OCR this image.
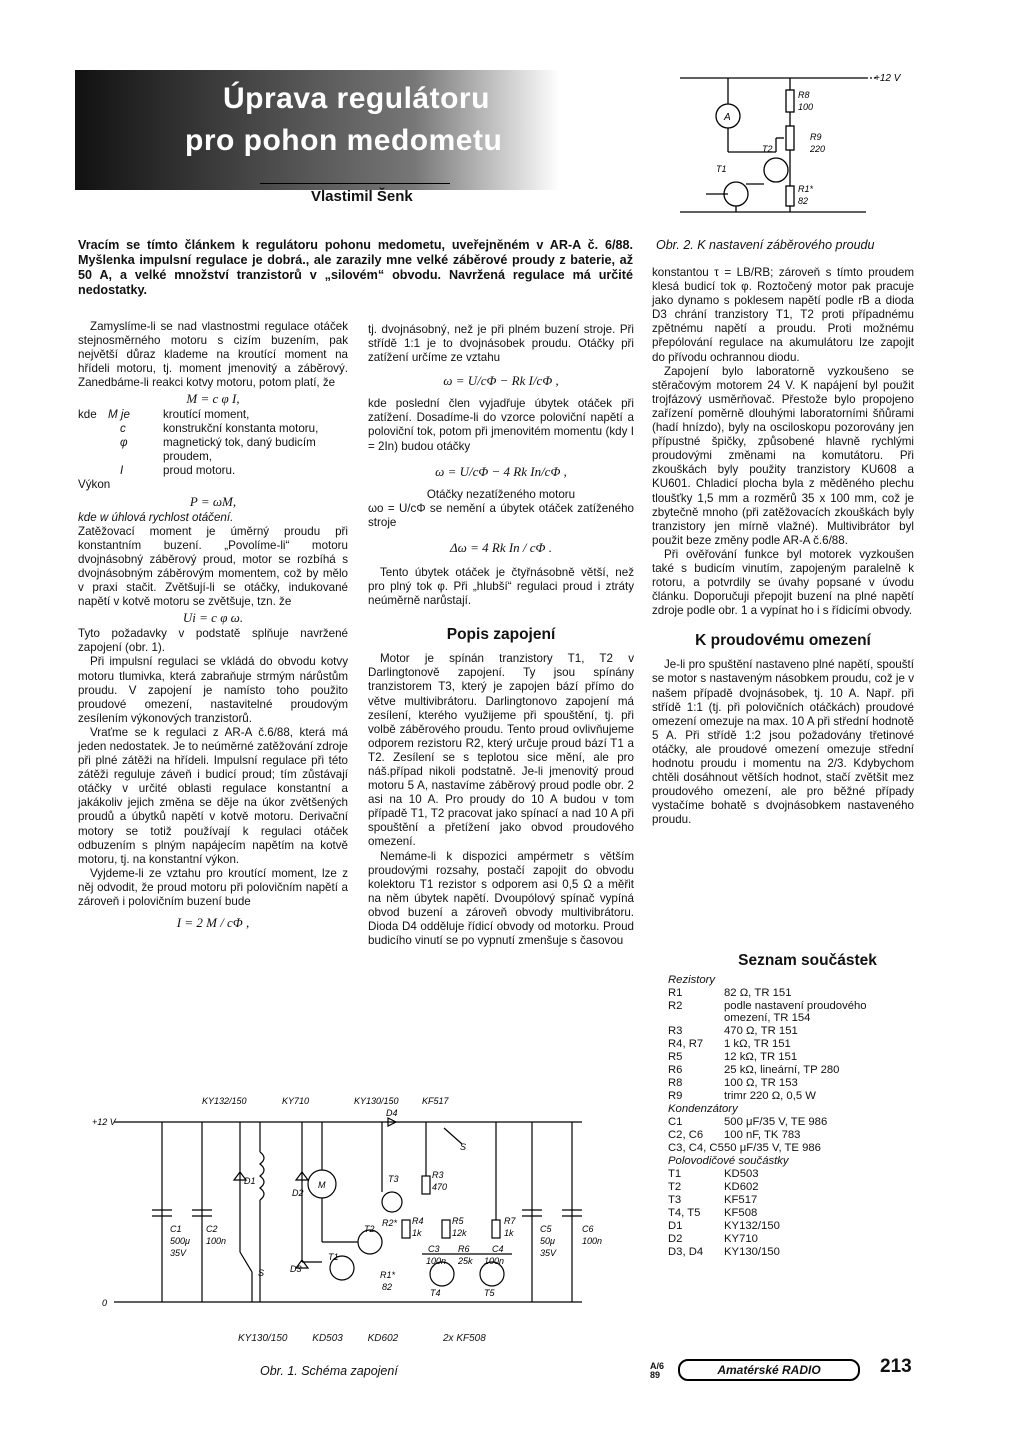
Úprava regulátoru
pro pohon medometu
Vlastimil Šenk
Vracím se tímto článkem k regulátoru pohonu medometu, uveřejněném v AR-A č. 6/88. Myšlenka impulsní regulace je dobrá., ale zarazily mne velké záběrové proudy z baterie, až 50 A, a velké množství tranzistorů v „silovém“ obvodu. Navržená regulace má určité nedostatky.

Zamyslíme-li se nad vlastnostmi regulace otáček stejnosměrného motoru s cizím buzením, pak největší důraz klademe na kroutící moment na hřídeli motoru, tj. moment jmenovitý a záběrový. Zanedbáme-li reakci kotvy motoru, potom platí, že

M = c φ I,
kde	M je	kroutící moment,
	c	konstrukční konstanta motoru,
	φ	magnetický tok, daný budicím proudem,
	I	proud motoru.

Výkon

P = ωM,

kde w úhlová rychlost otáčení.

Zatěžovací moment je úměrný proudu při konstantním buzení. „Povolíme-li“ motoru dvojnásobný záběrový proud, motor se rozbíhá s dvojnásobným záběrovým momentem, což by mělo v praxi stačit. Zvětšují-li se otáčky, indukované napětí v kotvě motoru se zvětšuje, tzn. že

Ui = c φ ω.

Tyto požadavky v podstatě splňuje navržené zapojení (obr. 1).

Při impulsní regulaci se vkládá do obvodu kotvy motoru tlumivka, která zabraňuje strmým nárůstům proudu. V zapojení je namísto toho použito proudové omezení, nastavitelné proudovým zesílením výkonových tranzistorů.

Vraťme se k regulaci z AR-A č.6/88, která má jeden nedostatek. Je to neúměrné zatěžování zdroje při plné zátěži na hřídeli. Impulsní regulace při této zátěži reguluje záveň i budicí proud; tím zůstávají otáčky v určité oblasti regulace konstantní a jakákoliv jejich změna se děje na úkor zvětšených proudů a úbytků napětí v kotvě motoru. Derivační motory se totiž používají k regulaci otáček odbuzením s plným napájecím napětím na kotvě motoru, tj. na konstantní výkon.

Vyjdeme-li ze vztahu pro kroutící moment, lze z něj odvodit, že proud motoru při polovičním napětí a zároveň i polovičním buzení bude

I = 2 M / cΦ ,

tj. dvojnásobný, než je při plném buzení stroje. Při střídě 1:1 je to dvojnásobek proudu. Otáčky při zatížení určíme ze vztahu

ω = U/cΦ − Rk I/cΦ ,

kde poslední člen vyjadřuje úbytek otáček při zatížení. Dosadíme-li do vzorce poloviční napětí a poloviční tok, potom při jmenovitém momentu (kdy I = 2In) budou otáčky

ω = U/cΦ − 4 Rk In/cΦ ,

Otáčky nezatíženého motoru

ωo = U/cΦ se nemění a úbytek otáček zatíženého stroje

Δω = 4 Rk In / cΦ .

Tento úbytek otáček je čtyřnásobně větší, než pro plný tok φ. Při „hlubší“ regulaci proud i ztráty neúměrně narůstají.

Popis zapojení

Motor je spínán tranzistory T1, T2 v Darlingtonově zapojení. Ty jsou spínány tranzistorem T3, který je zapojen bází přímo do větve multivibrátoru. Darlingtonovo zapojení má zesílení, kterého využijeme při spouštění, tj. při volbě záběrového proudu. Tento proud ovlivňujeme odporem rezistoru R2, který určuje proud bází T1 a T2. Zesílení se s teplotou sice mění, ale pro náš.případ nikoli podstatně. Je-li jmenovitý proud motoru 5 A, nastavíme záběrový proud podle obr. 2 asi na 10 A. Pro proudy do 10 A budou v tom případě T1, T2 pracovat jako spínací a nad 10 A při spouštění a přetížení jako obvod proudového omezení.

Nemáme-li k dispozici ampérmetr s větším proudovými rozsahy, postačí zapojit do obvodu kolektoru T1 rezistor s odporem asi 0,5 Ω a měřit na něm úbytek napětí. Dvoupólový spínač vypíná obvod buzení a zároveň obvody multivibrátoru. Dioda D4 odděluje řídicí obvody od motorku. Proud budicího vinutí se po vypnutí zmenšuje s časovou

+12 V
A
R8
100
R9
220
T2
T1
R1*
82
Obr. 2. K nastavení záběrového proudu

konstantou τ = LB/RB; zároveň s tímto proudem klesá budicí tok φ. Roztočený motor pak pracuje jako dynamo s poklesem napětí podle rB a dioda D3 chrání tranzistory T1, T2 proti případnému zpětnému napětí a proudu. Proti možnému přepólování regulace na akumulátoru lze zapojit do přívodu ochrannou diodu.

Zapojení bylo laboratorně vyzkoušeno se stěračovým motorem 24 V. K napájení byl použit trojfázový usměrňovač. Přestože bylo propojeno zařízení poměrně dlouhými laboratorními šňůrami (hadí hnízdo), byly na osciloskopu pozorovány jen přípustné špičky, způsobené hlavně rychlými proudovými změnami na komutátoru. Při zkouškách byly použity tranzistory KU608 a KU601. Chladicí plocha byla z měděného plechu tloušťky 1,5 mm a rozměrů 35 x 100 mm, což je zbytečně mnoho (při zatěžovacích zkouškách byly tranzistory jen mírně vlažné). Multivibrátor byl použit beze změny podle AR-A č.6/88.

Při ověřování funkce byl motorek vyzkoušen také s budicím vinutím, zapojeným paralelně k rotoru, a potvrdily se úvahy popsané v úvodu článku. Doporučuji přepojit buzení na plné napětí zdroje podle obr. 1 a vypínat ho i s řídicími obvody.

K proudovému omezení

Je-li pro spuštění nastaveno plné napětí, spouští se motor s nastaveným násobkem proudu, což je v našem případě dvojnásobek, tj. 10 A. Např. při střídě 1:1 (tj. při polovičních otáčkách) proudové omezení omezuje na max. 10 A při střední hodnotě 5 A. Při střídě 1:2 jsou požadovány třetinové otáčky, ale proudové omezení omezuje střední hodnotu proudu i momentu na 2/3. Kdybychom chtěli dosáhnout větších hodnot, stačí zvětšit mez proudového omezení, ale pro běžné případy vystačíme bohatě s dvojnásobkem nastaveného proudu.

Seznam součástek
Rezistory	
R1	82 Ω, TR 151
R2	podle nastavení proudového omezení, TR 154
R3	470 Ω, TR 151
R4, R7	1 kΩ, TR 151
R5	12 kΩ, TR 151
R6	25 kΩ, lineární, TP 280
R8	100 Ω, TR 153
R9	trimr 220 Ω, 0,5 W
Kondenzátory	
C1	500 μF/35 V, TE 986
C2, C6	100 nF, TK 783
C3, C4, C5	50 μF/35 V, TE 986
Polovodičové součástky	
T1	KD503
T2	KD602
T3	KF517
T4, T5	KF508
D1	KY132/150
D2	KY710
D3, D4	KY130/150
KY132/150	KY710	KY130/150	KF517
+12 V
0
D4
S
D1
D2
D3
M
T1
T2
T3	R3
470
R2* R4
1k
R5
12k
R6
25k
C3	C4
100n	100n
R7
1k
R1*
82
T4	T5
C1
500μ
35V
C2
100n
C5
50μ
35V
C6
100n
S
KY130/150 KD503 KD602	2x KF508
Obr. 1. Schéma zapojení	A/6 89	Amatérské RADIO	213
